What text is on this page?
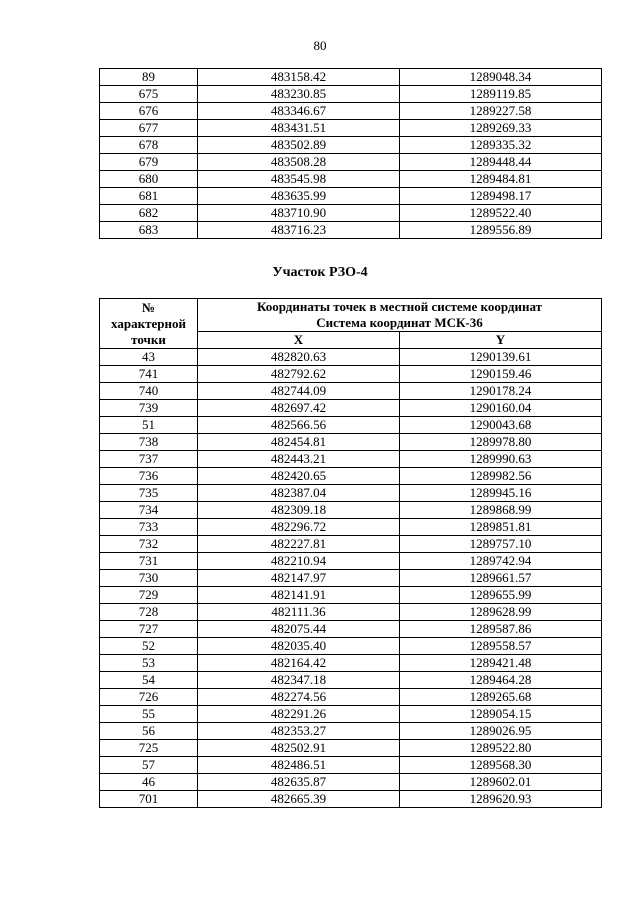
80
89	483158.42	1289048.34
675	483230.85	1289119.85
676	483346.67	1289227.58
677	483431.51	1289269.33
678	483502.89	1289335.32
679	483508.28	1289448.44
680	483545.98	1289484.81
681	483635.99	1289498.17
682	483710.90	1289522.40
683	483716.23	1289556.89
Участок РЗО-4
№
характерной
точки	Координаты точек в местной системе координат	
	Система координат МСК-36	
	X	Y
43	482820.63	1290139.61
741	482792.62	1290159.46
740	482744.09	1290178.24
739	482697.42	1290160.04
51	482566.56	1290043.68
738	482454.81	1289978.80
737	482443.21	1289990.63
736	482420.65	1289982.56
735	482387.04	1289945.16
734	482309.18	1289868.99
733	482296.72	1289851.81
732	482227.81	1289757.10
731	482210.94	1289742.94
730	482147.97	1289661.57
729	482141.91	1289655.99
728	482111.36	1289628.99
727	482075.44	1289587.86
52	482035.40	1289558.57
53	482164.42	1289421.48
54	482347.18	1289464.28
726	482274.56	1289265.68
55	482291.26	1289054.15
56	482353.27	1289026.95
725	482502.91	1289522.80
57	482486.51	1289568.30
46	482635.87	1289602.01
701	482665.39	1289620.93
